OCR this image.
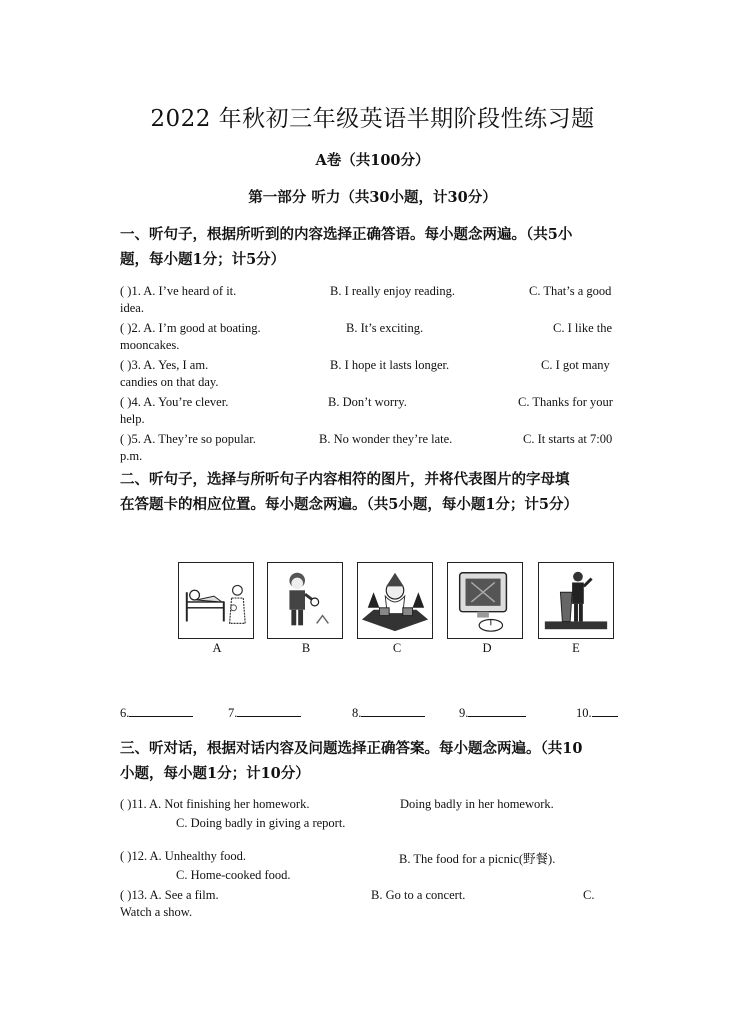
2022 年秋初三年级英语半期阶段性练习题
A卷（共100分）
第一部分 听力（共30小题，计30分）
一、听句子，根据所听到的内容选择正确答语。每小题念两遍。（共5小
题，每小题1分；计5分）
( )1. A. I’ve heard of it.	B. I really enjoy reading.	C. That’s a good
idea.
( )2. A. I’m good at boating.	B. It’s exciting.	C. I like the
mooncakes.
( )3. A. Yes, I am.	B. I hope it lasts longer.	C. I got many
candies on that day.
( )4. A. You’re clever.	B. Don’t worry.	C. Thanks for your
help.
( )5. A. They’re so popular.	B. No wonder they’re late.	C. It starts at 7:00
p.m.
二、听句子，选择与所听句子内容相符的图片，并将代表图片的字母填
在答题卡的相应位置。每小题念两遍。（共5小题，每小题1分；计5分）
A	B	C	D	E
6.	7.	8.	9.	10.
三、听对话，根据对话内容及问题选择正确答案。每小题念两遍。（共10
小题，每小题1分；计10分）
( )11. A. Not finishing her homework.	Doing badly in her homework.
C. Doing badly in giving a report.
( )12. A. Unhealthy food.	B. The food for a picnic(野餐).
C. Home-cooked food.
( )13. A. See a film.	B. Go to a concert.	C.
Watch a show.
